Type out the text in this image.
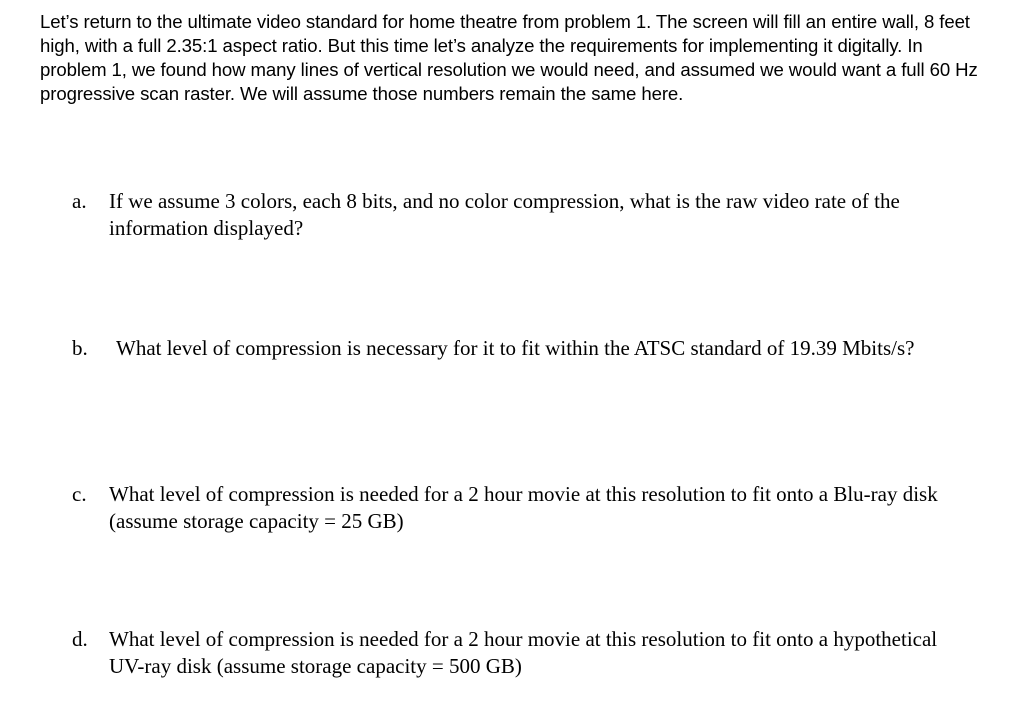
Let’s return to the ultimate video standard for home theatre from problem 1. The screen will fill an entire wall, 8 feet high, with a full 2.35:1 aspect ratio. But this time let’s analyze the requirements for implementing it digitally. In problem 1, we found how many lines of vertical resolution we would need, and assumed we would want a full 60 Hz progressive scan raster. We will assume those numbers remain the same here.

a.	If we assume 3 colors, each 8 bits, and no color compression, what is the raw video rate of the information displayed?
b.	What level of compression is necessary for it to fit within the ATSC standard of 19.39 Mbits/s?
c.	What level of compression is needed for a 2 hour movie at this resolution to fit onto a Blu-ray disk (assume storage capacity = 25 GB)
d.	What level of compression is needed for a 2 hour movie at this resolution to fit onto a hypothetical UV-ray disk (assume storage capacity = 500 GB)
